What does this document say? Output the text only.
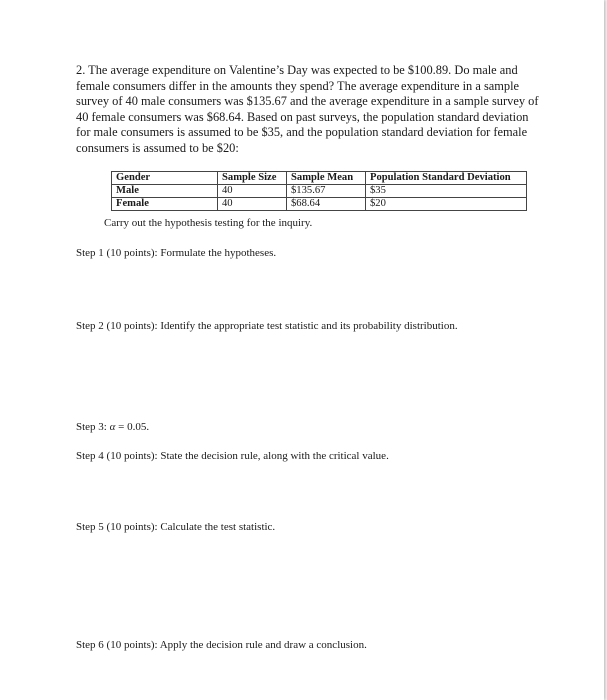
2. The average expenditure on Valentine’s Day was expected to be $100.89. Do male and female consumers differ in the amounts they spend? The average expenditure in a sample survey of 40 male consumers was $135.67 and the average expenditure in a sample survey of 40 female consumers was $68.64. Based on past surveys, the population standard deviation for male consumers is assumed to be $35, and the population standard deviation for female consumers is assumed to be $20:

Gender	Sample Size	Sample Mean	Population Standard Deviation
Male	40	$135.67	$35
Female	40	$68.64	$20

Carry out the hypothesis testing for the inquiry.

Step 1 (10 points): Formulate the hypotheses.

Step 2 (10 points): Identify the appropriate test statistic and its probability distribution.

Step 3: α = 0.05.

Step 4 (10 points): State the decision rule, along with the critical value.

Step 5 (10 points): Calculate the test statistic.

Step 6 (10 points): Apply the decision rule and draw a conclusion.
